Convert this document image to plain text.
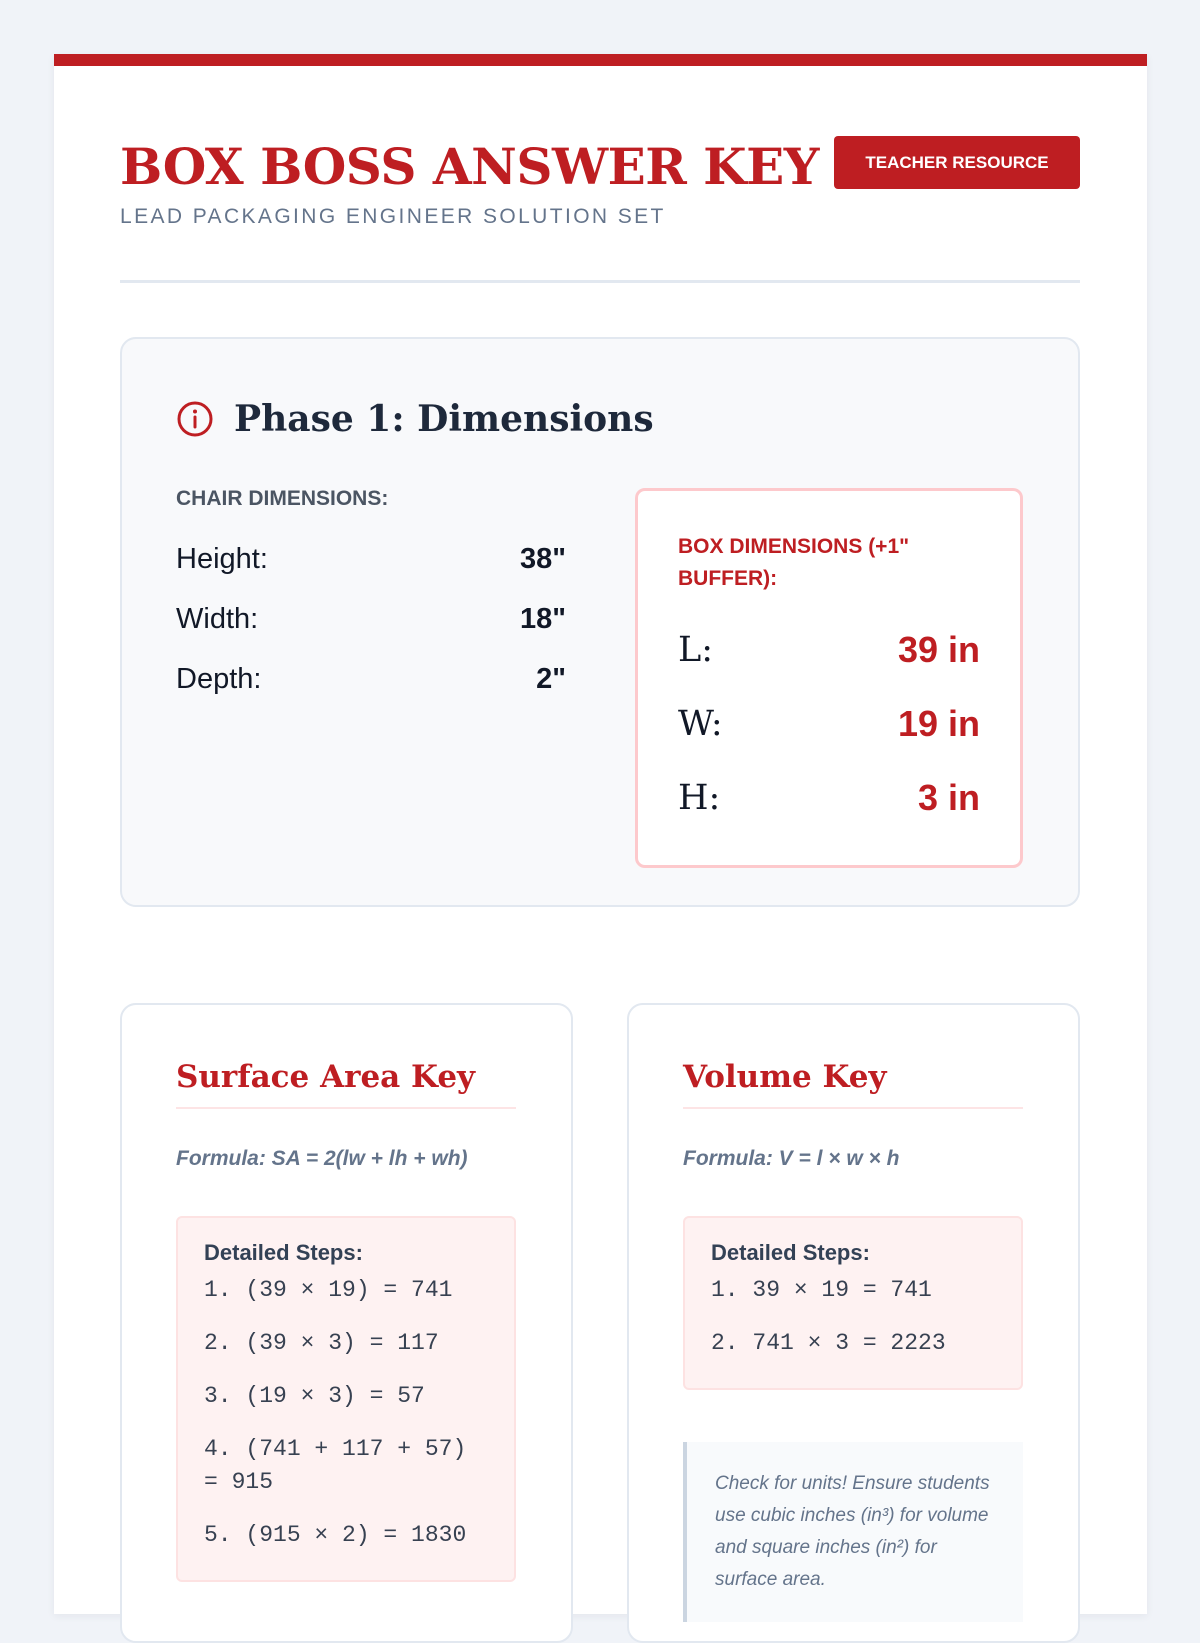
BOX BOSS ANSWER KEY
LEAD PACKAGING ENGINEER SOLUTION SET
TEACHER RESOURCE
Phase 1: Dimensions
CHAIR DIMENSIONS:
Height:	38"
Width:	18"
Depth:	2"
BOX DIMENSIONS (+1" BUFFER):
L:	39 in
W:	19 in
H:	3 in
Surface Area Key
Formula: SA = 2(lw + lh + wh)
Detailed Steps:
1. (39 × 19) = 741
2. (39 × 3) = 117
3. (19 × 3) = 57
4. (741 + 117 + 57) = 915
5. (915 × 2) = 1830
Volume Key
Formula: V = l × w × h
Detailed Steps:
1. 39 × 19 = 741
2. 741 × 3 = 2223
Check for units! Ensure students use cubic inches (in³) for volume and square inches (in²) for surface area.
